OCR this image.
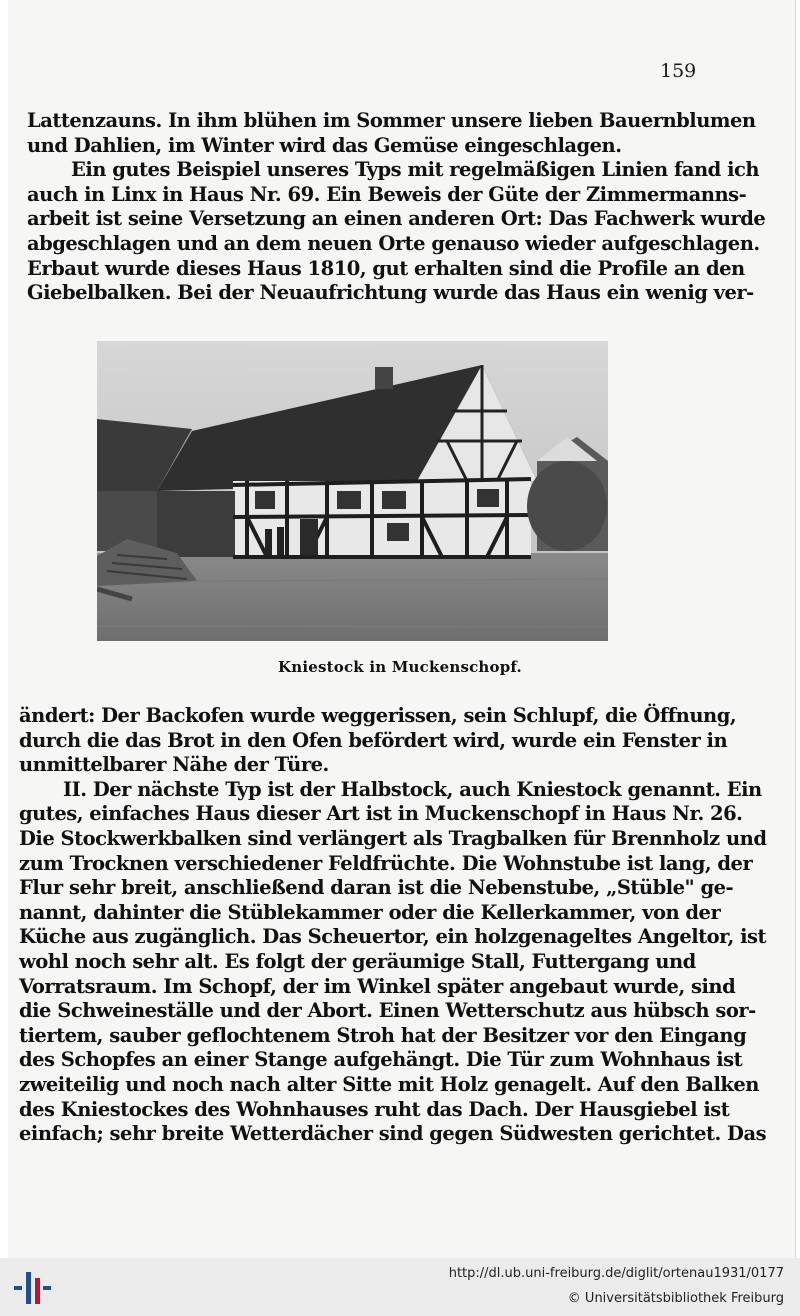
159
Lattenzauns. In ihm blühen im Sommer unsere lieben Bauernblumen
und Dahlien, im Winter wird das Gemüse eingeschlagen.
Ein gutes Beispiel unseres Typs mit regelmäßigen Linien fand ich
auch in Linx in Haus Nr. 69. Ein Beweis der Güte der Zimmermanns-
arbeit ist seine Versetzung an einen anderen Ort: Das Fachwerk wurde
abgeschlagen und an dem neuen Orte genauso wieder aufgeschlagen.
Erbaut wurde dieses Haus 1810, gut erhalten sind die Profile an den
Giebelbalken. Bei der Neuaufrichtung wurde das Haus ein wenig ver-
Kniestock in Muckenschopf.
ändert: Der Backofen wurde weggerissen, sein Schlupf, die Öffnung,
durch die das Brot in den Ofen befördert wird, wurde ein Fenster in
unmittelbarer Nähe der Türe.
II. Der nächste Typ ist der Halbstock, auch Kniestock genannt. Ein
gutes, einfaches Haus dieser Art ist in Muckenschopf in Haus Nr. 26.
Die Stockwerkbalken sind verlängert als Tragbalken für Brennholz und
zum Trocknen verschiedener Feldfrüchte. Die Wohnstube ist lang, der
Flur sehr breit, anschließend daran ist die Nebenstube, „Stüble" ge-
nannt, dahinter die Stüblekammer oder die Kellerkammer, von der
Küche aus zugänglich. Das Scheuertor, ein holzgenageltes Angeltor, ist
wohl noch sehr alt. Es folgt der geräumige Stall, Futtergang und
Vorratsraum. Im Schopf, der im Winkel später angebaut wurde, sind
die Schweineställe und der Abort. Einen Wetterschutz aus hübsch sor-
tiertem, sauber geflochtenem Stroh hat der Besitzer vor den Eingang
des Schopfes an einer Stange aufgehängt. Die Tür zum Wohnhaus ist
zweiteilig und noch nach alter Sitte mit Holz genagelt. Auf den Balken
des Kniestockes des Wohnhauses ruht das Dach. Der Hausgiebel ist
einfach; sehr breite Wetterdächer sind gegen Südwesten gerichtet. Das
http://dl.ub.uni-freiburg.de/diglit/ortenau1931/0177
© Universitätsbibliothek Freiburg
